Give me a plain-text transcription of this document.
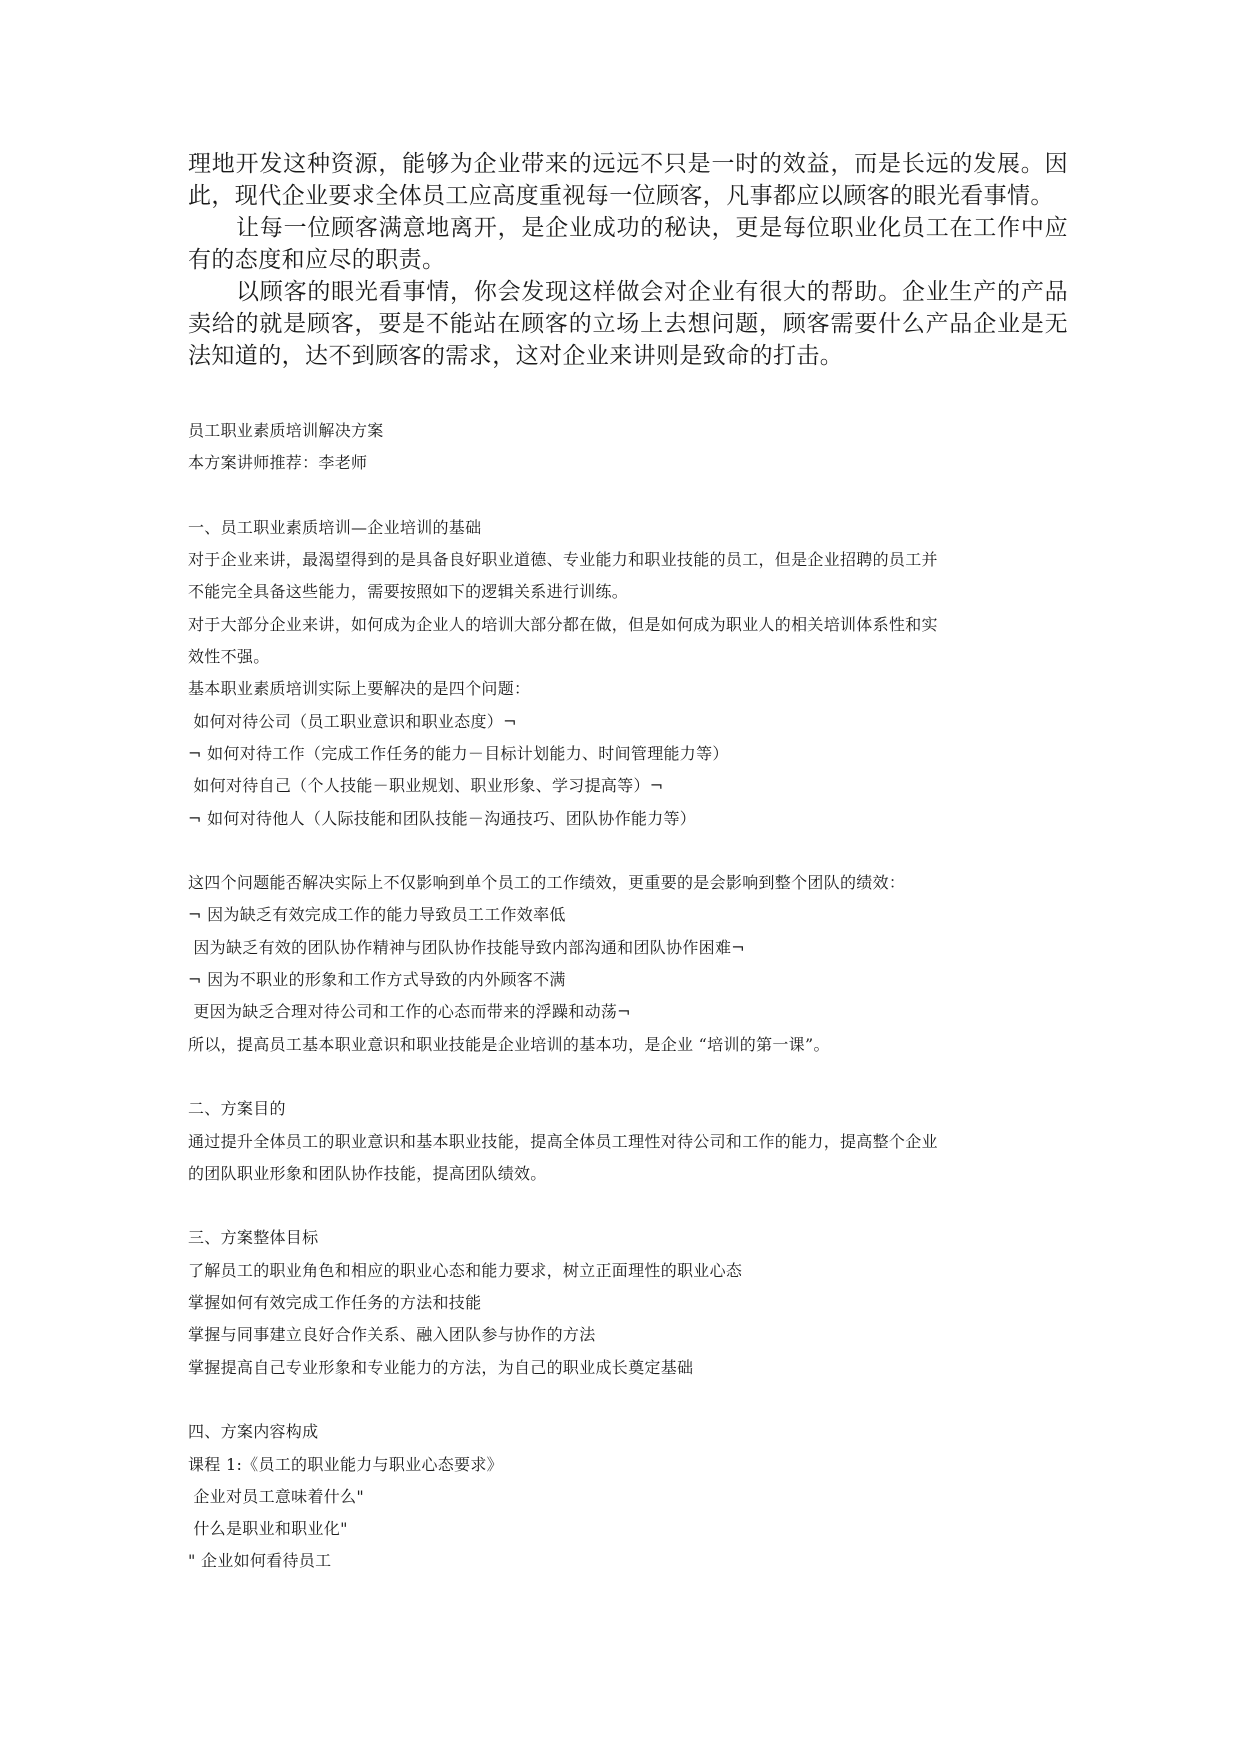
理地开发这种资源，能够为企业带来的远远不只是一时的效益，而是长远的发展。因此，现代企业要求全体员工应高度重视每一位顾客，凡事都应以顾客的眼光看事情。

让每一位顾客满意地离开，是企业成功的秘诀，更是每位职业化员工在工作中应有的态度和应尽的职责。

以顾客的眼光看事情，你会发现这样做会对企业有很大的帮助。企业生产的产品卖给的就是顾客，要是不能站在顾客的立场上去想问题，顾客需要什么产品企业是无法知道的，达不到顾客的需求，这对企业来讲则是致命的打击。

员工职业素质培训解决方案

本方案讲师推荐：李老师

一、员工职业素质培训—企业培训的基础

对于企业来讲，最渴望得到的是具备良好职业道德、专业能力和职业技能的员工，但是企业招聘的员工并

不能完全具备这些能力，需要按照如下的逻辑关系进行训练。

对于大部分企业来讲，如何成为企业人的培训大部分都在做，但是如何成为职业人的相关培训体系性和实

效性不强。

基本职业素质培训实际上要解决的是四个问题：

如何对待公司（员工职业意识和职业态度）¬

¬ 如何对待工作（完成工作任务的能力－目标计划能力、时间管理能力等）

如何对待自己（个人技能－职业规划、职业形象、学习提高等）¬

¬ 如何对待他人（人际技能和团队技能－沟通技巧、团队协作能力等）

这四个问题能否解决实际上不仅影响到单个员工的工作绩效，更重要的是会影响到整个团队的绩效：

¬ 因为缺乏有效完成工作的能力导致员工工作效率低

因为缺乏有效的团队协作精神与团队协作技能导致内部沟通和团队协作困难¬

¬ 因为不职业的形象和工作方式导致的内外顾客不满

更因为缺乏合理对待公司和工作的心态而带来的浮躁和动荡¬

所以，提高员工基本职业意识和职业技能是企业培训的基本功，是企业 “培训的第一课”。

二、方案目的

通过提升全体员工的职业意识和基本职业技能，提高全体员工理性对待公司和工作的能力，提高整个企业

的团队职业形象和团队协作技能，提高团队绩效。

三、方案整体目标

了解员工的职业角色和相应的职业心态和能力要求，树立正面理性的职业心态

掌握如何有效完成工作任务的方法和技能

掌握与同事建立良好合作关系、融入团队参与协作的方法

掌握提高自己专业形象和专业能力的方法，为自己的职业成长奠定基础

四、方案内容构成

课程 1:《员工的职业能力与职业心态要求》

企业对员工意味着什么"

什么是职业和职业化"

" 企业如何看待员工
